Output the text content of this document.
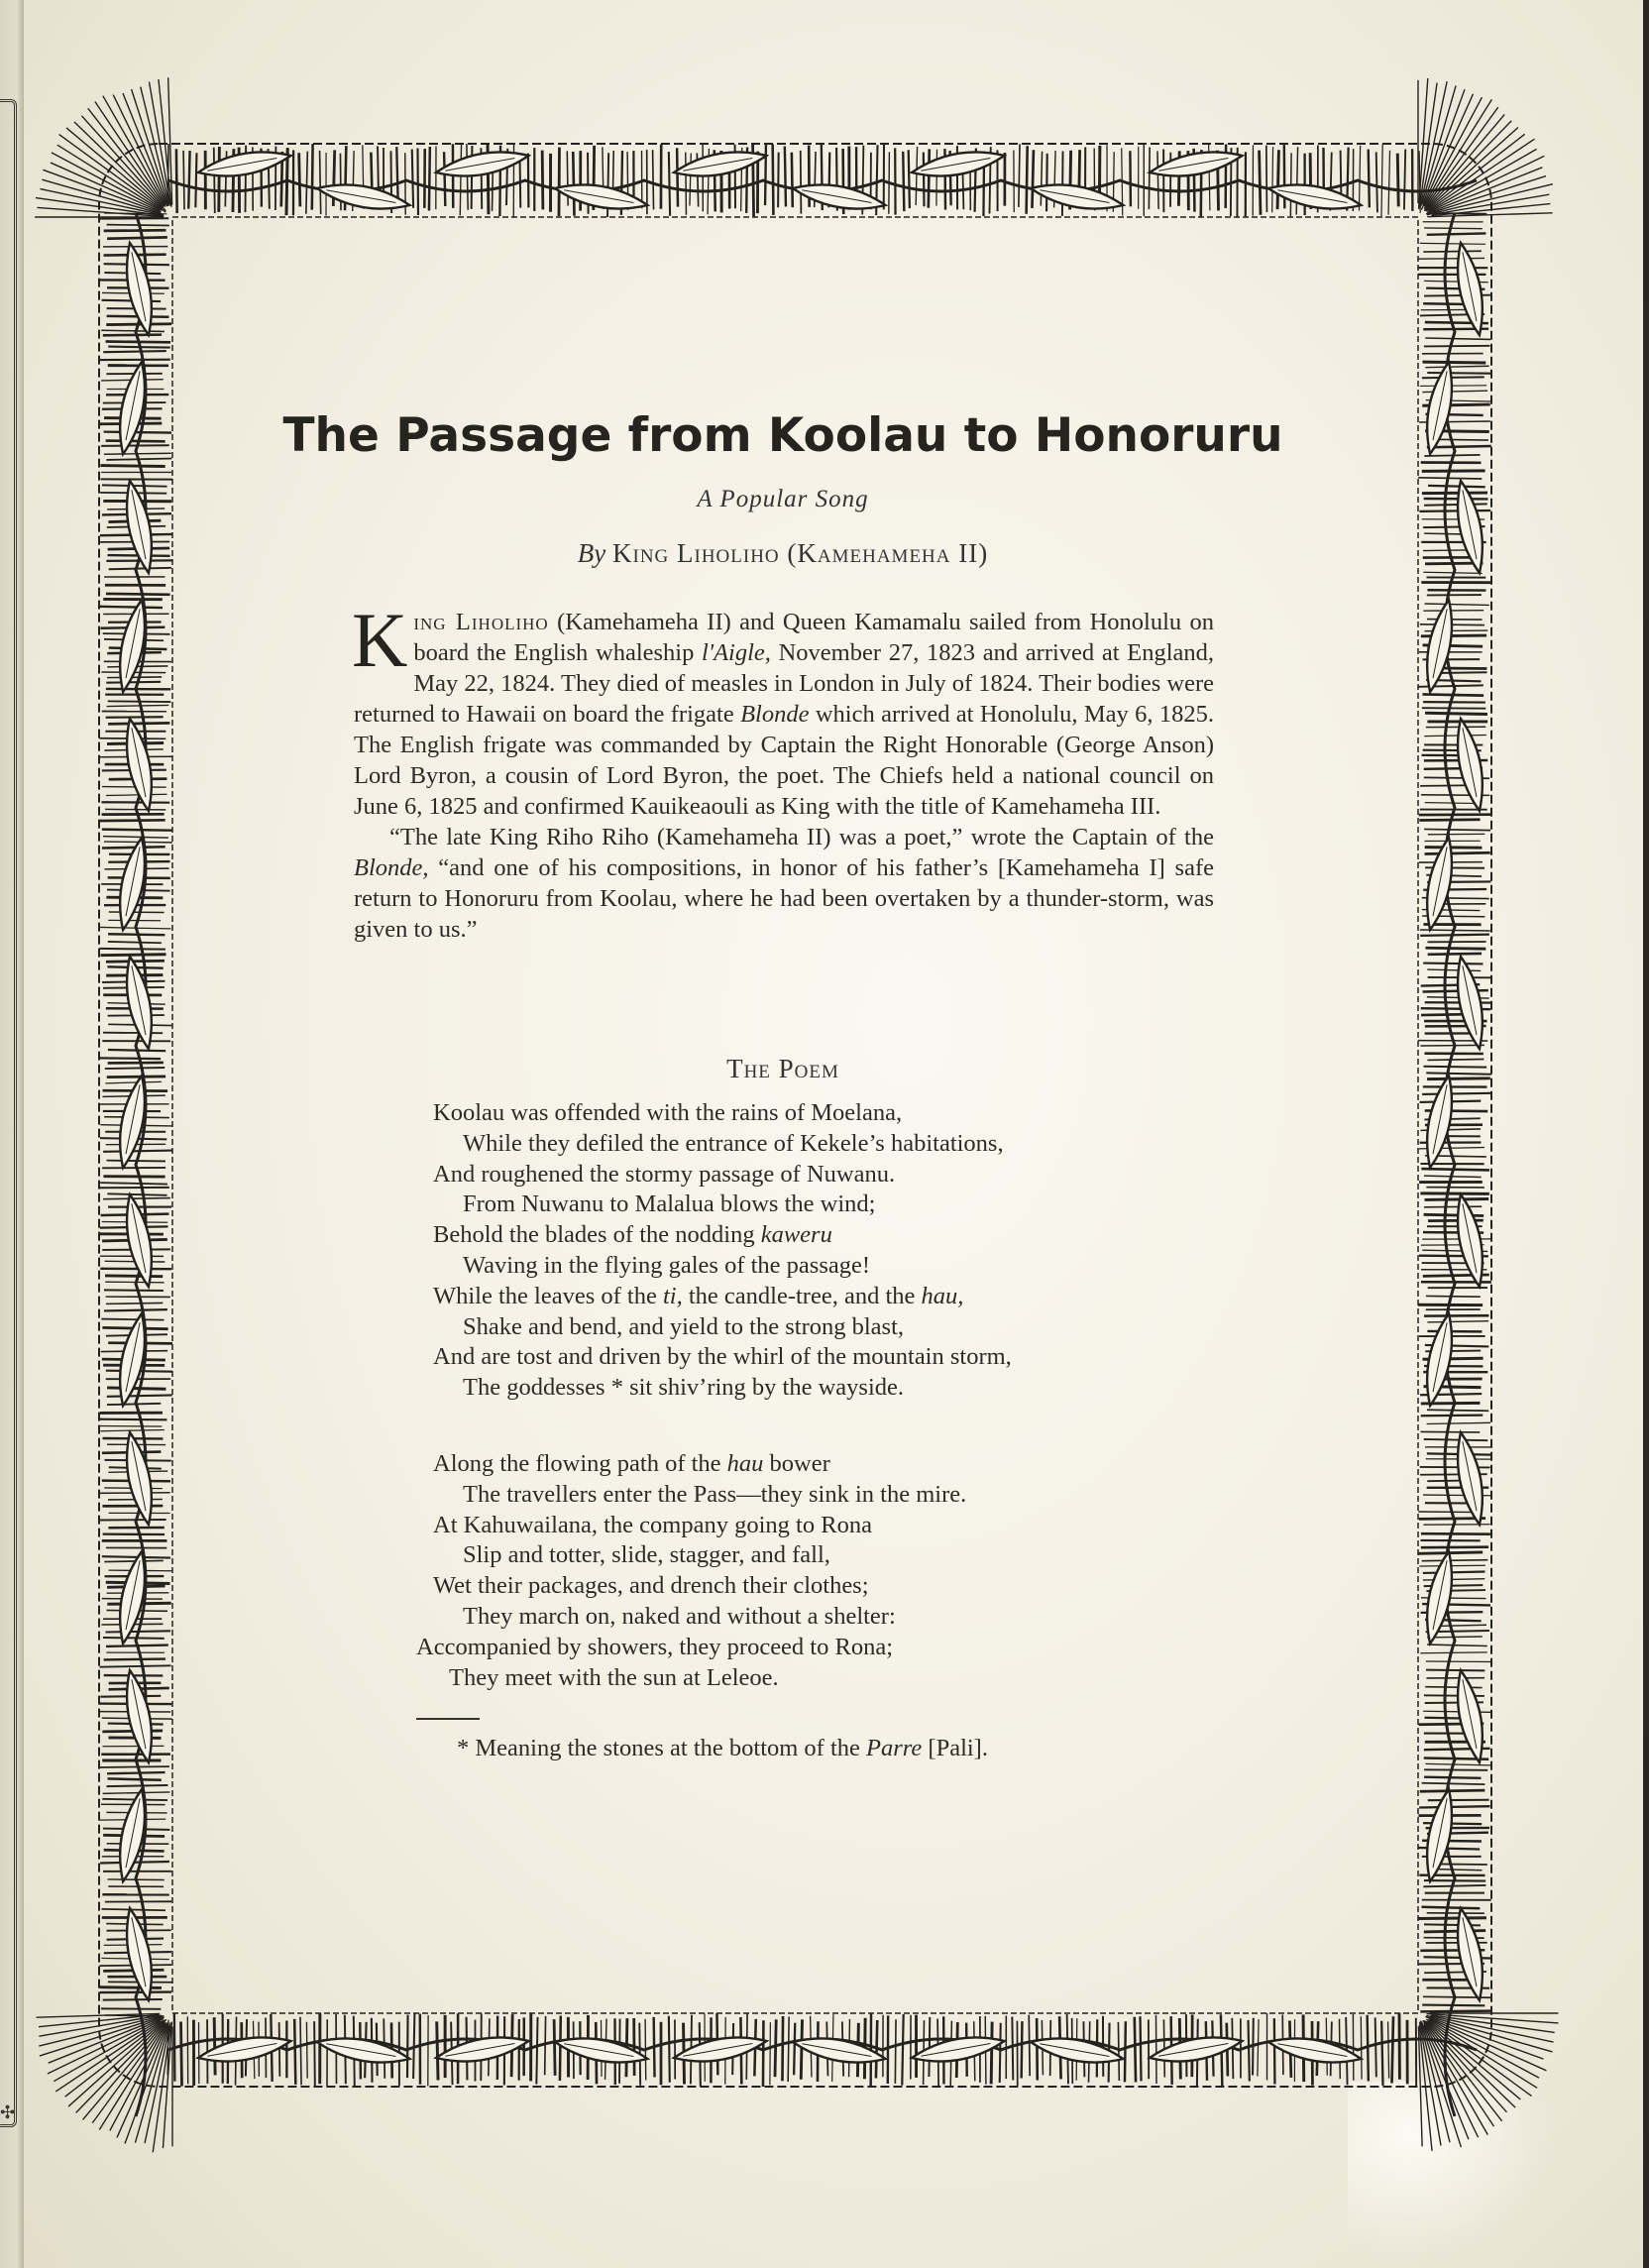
✣
The Passage from Koolau to Honoruru
A Popular Song
By King Liholiho (Kamehameha II)

K ing Liholiho (Kamehameha II) and Queen Kamamalu sailed from Honolulu on board the English whaleship l'Aigle, November 27, 1823 and arrived at England, May 22, 1824. They died of measles in London in July of 1824. Their bodies were returned to Hawaii on board the frigate Blonde which arrived at Honolulu, May 6, 1825. The English frigate was commanded by Captain the Right Honorable (George Anson) Lord Byron, a cousin of Lord Byron, the poet. The Chiefs held a national council on June 6, 1825 and confirmed Kauikeaouli as King with the title of Kamehameha III.

“The late King Riho Riho (Kamehameha II) was a poet,” wrote the Captain of the Blonde, “and one of his compositions, in honor of his father’s [Kamehameha I] safe return to Honoruru from Koolau, where he had been overtaken by a thunder-storm, was given to us.”

The Poem
Koolau was offended with the rains of Moelana,
While they defiled the entrance of Kekele’s habitations,
And roughened the stormy passage of Nuwanu.
From Nuwanu to Malalua blows the wind;
Behold the blades of the nodding kaweru
Waving in the flying gales of the passage!
While the leaves of the ti, the candle-tree, and the hau,
Shake and bend, and yield to the strong blast,
And are tost and driven by the whirl of the mountain storm,
The goddesses * sit shiv’ring by the wayside.
Along the flowing path of the hau bower
The travellers enter the Pass—they sink in the mire.
At Kahuwailana, the company going to Rona
Slip and totter, slide, stagger, and fall,
Wet their packages, and drench their clothes;
They march on, naked and without a shelter:
Accompanied by showers, they proceed to Rona;
They meet with the sun at Leleoe.
* Meaning the stones at the bottom of the Parre [Pali].
